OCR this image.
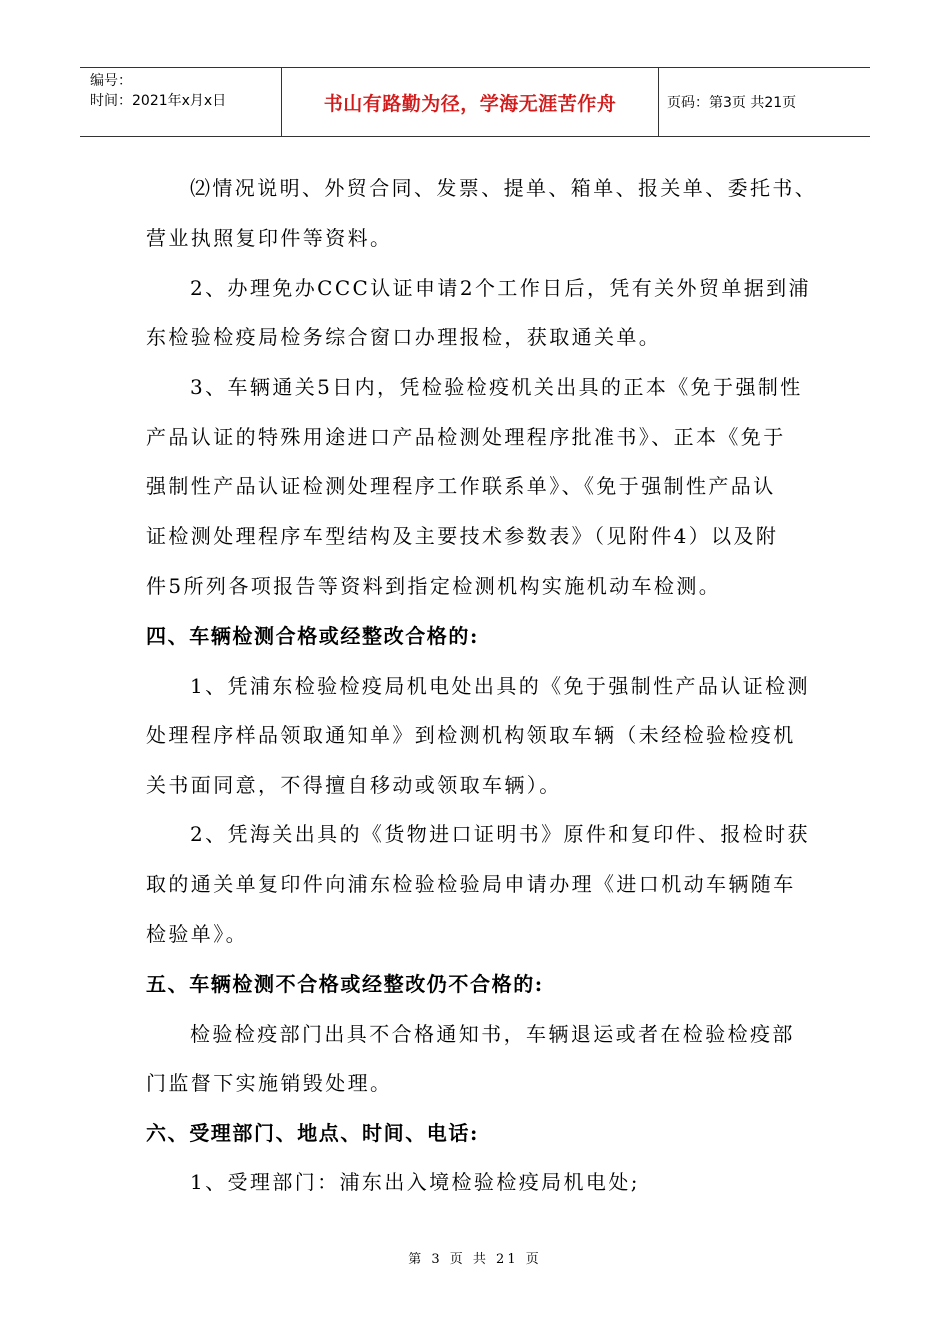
编号：
时间：2021年x月x日	书山有路勤为径，学海无涯苦作舟	页码：第3页 共21页
⑵情况说明、外贸合同、发票、提单、箱单、报关单、委托书、
营业执照复印件等资料。
2、办理免办CCC认证申请2个工作日后，凭有关外贸单据到浦
东检验检疫局检务综合窗口办理报检，获取通关单。
3、车辆通关5日内，凭检验检疫机关出具的正本《免于强制性
产品认证的特殊用途进口产品检测处理程序批准书》、正本《免于
强制性产品认证检测处理程序工作联系单》、《免于强制性产品认
证检测处理程序车型结构及主要技术参数表》（见附件4）以及附
件5所列各项报告等资料到指定检测机构实施机动车检测。
四、车辆检测合格或经整改合格的:
1、凭浦东检验检疫局机电处出具的《免于强制性产品认证检测
处理程序样品领取通知单》到检测机构领取车辆（未经检验检疫机
关书面同意，不得擅自移动或领取车辆）。
2、凭海关出具的《货物进口证明书》原件和复印件、报检时获
取的通关单复印件向浦东检验检验局申请办理《进口机动车辆随车
检验单》。
五、车辆检测不合格或经整改仍不合格的:
检验检疫部门出具不合格通知书，车辆退运或者在检验检疫部
门监督下实施销毁处理。
六、受理部门、地点、时间、电话:
1、受理部门：浦东出入境检验检疫局机电处;
第 3 页 共 21 页
